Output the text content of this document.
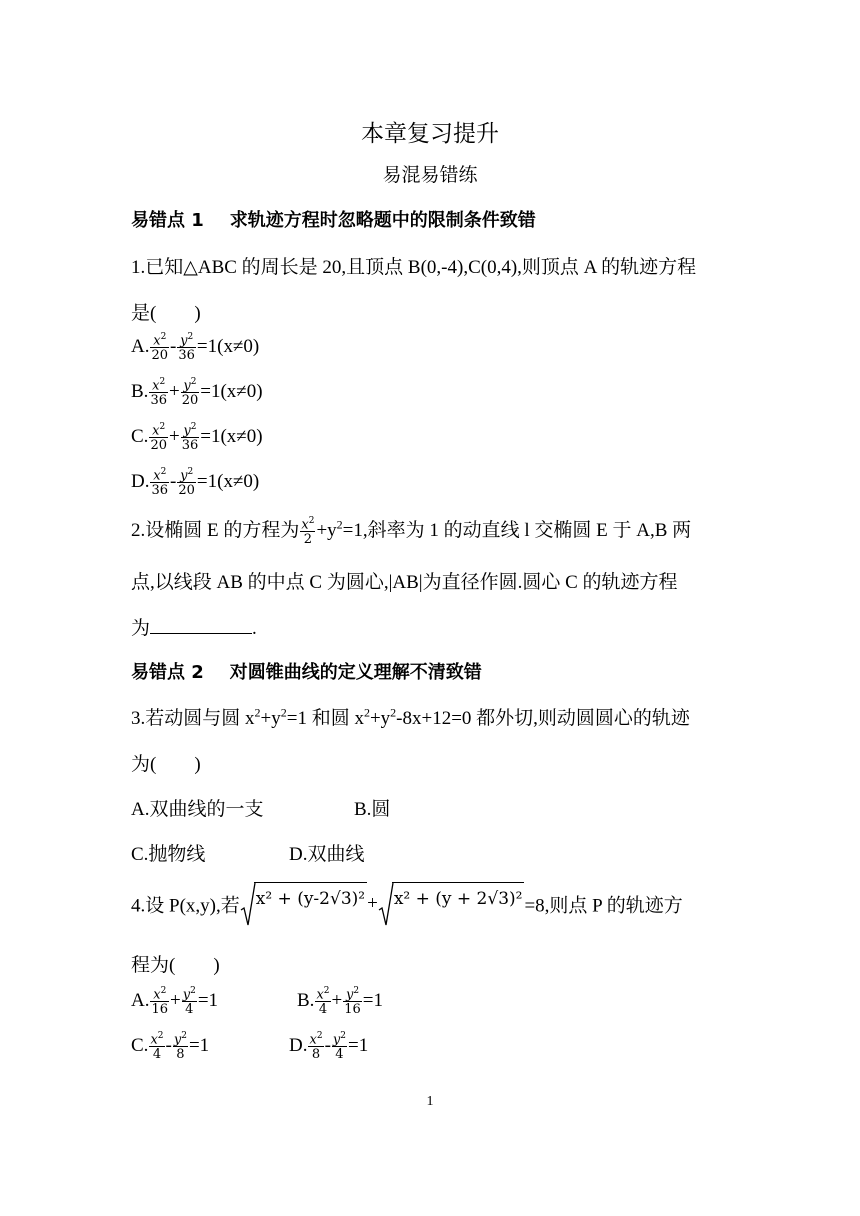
本章复习提升
易混易错练
易错点 1 求轨迹方程时忽略题中的限制条件致错
1.已知△ABC 的周长是 20,且顶点 B(0,-4),C(0,4),则顶点 A 的轨迹方程
是(　　)
A. $\frac{x^2}{20} - \frac{y^2}{36} =1(x\ne 0)$
B. $\frac{x^2}{36} + \frac{y^2}{20} =1(x\ne 0)$
C. $\frac{x^2}{20} + \frac{y^2}{36} =1(x\ne 0)$
D. $\frac{x^2}{36} - \frac{y^2}{20} =1(x\ne 0)$
2.设椭圆 E 的方程为 $\frac{x^2}{2} +y^2=1$,斜率为 1 的动直线 l 交椭圆 E 于 A,B 两
点,以线段 AB 的中点 C 为圆心,|AB|为直径作圆.圆心 C 的轨迹方程
为	.
易错点 2 对圆锥曲线的定义理解不清致错
3.若动圆与圆 $x^2+y^2=1$ 和圆 $x^2+y^2-8x+12=0$ 都外切,则动圆圆心的轨迹
为(　　)
A.双曲线的一支	B.圆
C.抛物线	D.双曲线
4.设 P(x,y),若 x² + (y-2√3)² + x² + (y + 2√3)² =8,则点 P 的轨迹方
程为(　　)
A. $\frac{x^2}{16} + \frac{y^2}{4} =1$	B. $\frac{x^2}{4} + \frac{y^2}{16} =1$
C. $\frac{x^2}{4} - \frac{y^2}{8} =1$	D. $\frac{x^2}{8} - \frac{y^2}{4} =1$
1
